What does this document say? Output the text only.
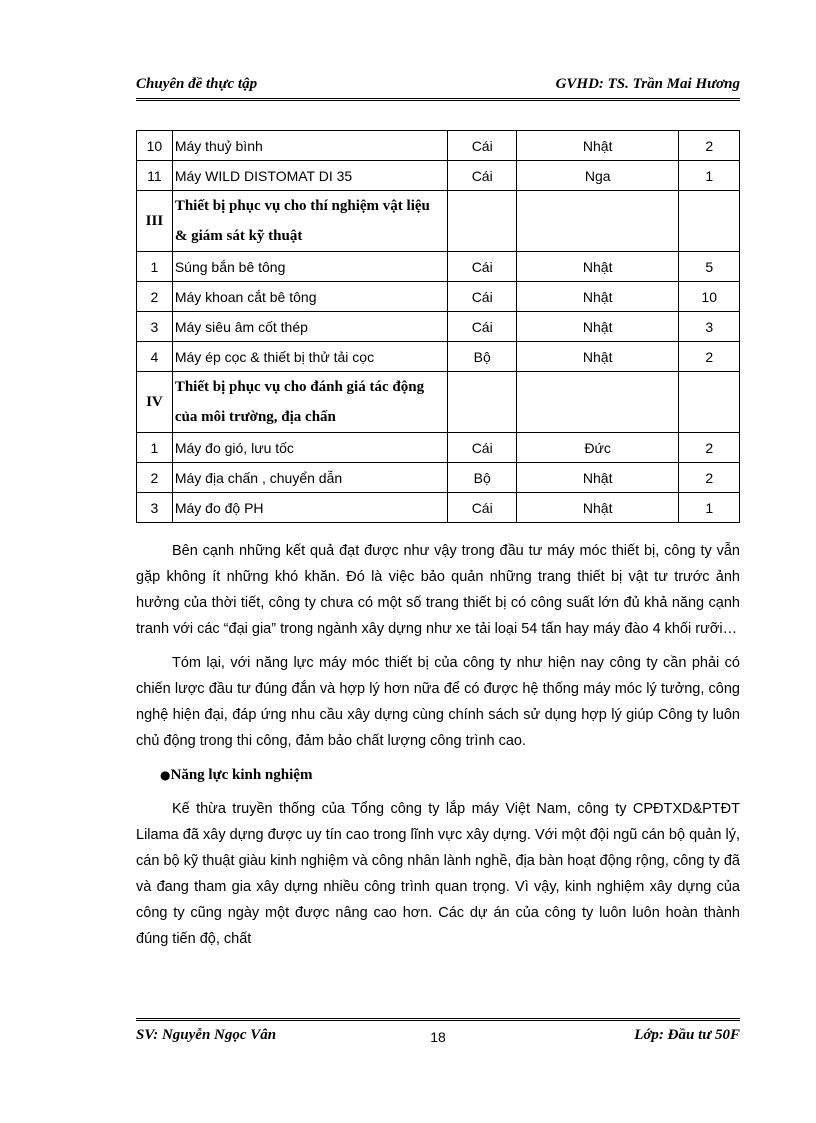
Chuyên đề thực tập	GVHD: TS. Trần Mai Hương
10	Máy thuỷ bình	Cái	Nhật	2
11	Máy WILD DISTOMAT DI 35	Cái	Nga	1
III	Thiết bị phục vụ cho thí nghiệm vật liệu & giám sát kỹ thuật			
1	Súng bắn bê tông	Cái	Nhật	5
2	Máy khoan cắt bê tông	Cái	Nhật	10
3	Máy siêu âm cốt thép	Cái	Nhật	3
4	Máy ép cọc & thiết bị thử tải cọc	Bộ	Nhật	2
IV	Thiết bị phục vụ cho đánh giá tác động của môi trường, địa chấn			
1	Máy đo gió, lưu tốc	Cái	Đức	2
2	Máy địa chấn , chuyển dẫn	Bộ	Nhật	2
3	Máy đo độ PH	Cái	Nhật	1

Bên cạnh những kết quả đạt được như vậy trong đầu tư máy móc thiết bị, công ty vẫn gặp không ít những khó khăn. Đó là việc bảo quản những trang thiết bị vật tư trước ảnh hưởng của thời tiết, công ty chưa có một số trang thiết bị có công suất lớn đủ khả năng cạnh tranh với các “đại gia” trong ngành xây dựng như xe tải loại 54 tấn hay máy đào 4 khối rưỡi…

Tóm lại, với năng lực máy móc thiết bị của công ty như hiện nay công ty cần phải có chiến lược đầu tư đúng đắn và hợp lý hơn nữa để có được hệ thống máy móc lý tưởng, công nghệ hiện đại, đáp ứng nhu cầu xây dựng cùng chính sách sử dụng hợp lý giúp Công ty luôn chủ động trong thi công, đảm bảo chất lượng công trình cao.

●Năng lực kinh nghiệm

Kế thừa truyền thống của Tổng công ty lắp máy Việt Nam, công ty CPĐTXD&PTĐT Lilama đã xây dựng được uy tín cao trong lĩnh vực xây dựng. Với một đội ngũ cán bộ quản lý, cán bộ kỹ thuật giàu kinh nghiệm và công nhân lành nghề, địa bàn hoạt động rộng, công ty đã và đang tham gia xây dựng nhiều công trình quan trọng. Vì vậy, kinh nghiệm xây dựng của công ty cũng ngày một được nâng cao hơn. Các dự án của công ty luôn luôn hoàn thành đúng tiến độ, chất

SV: Nguyễn Ngọc Vân	18	Lớp: Đầu tư 50F
